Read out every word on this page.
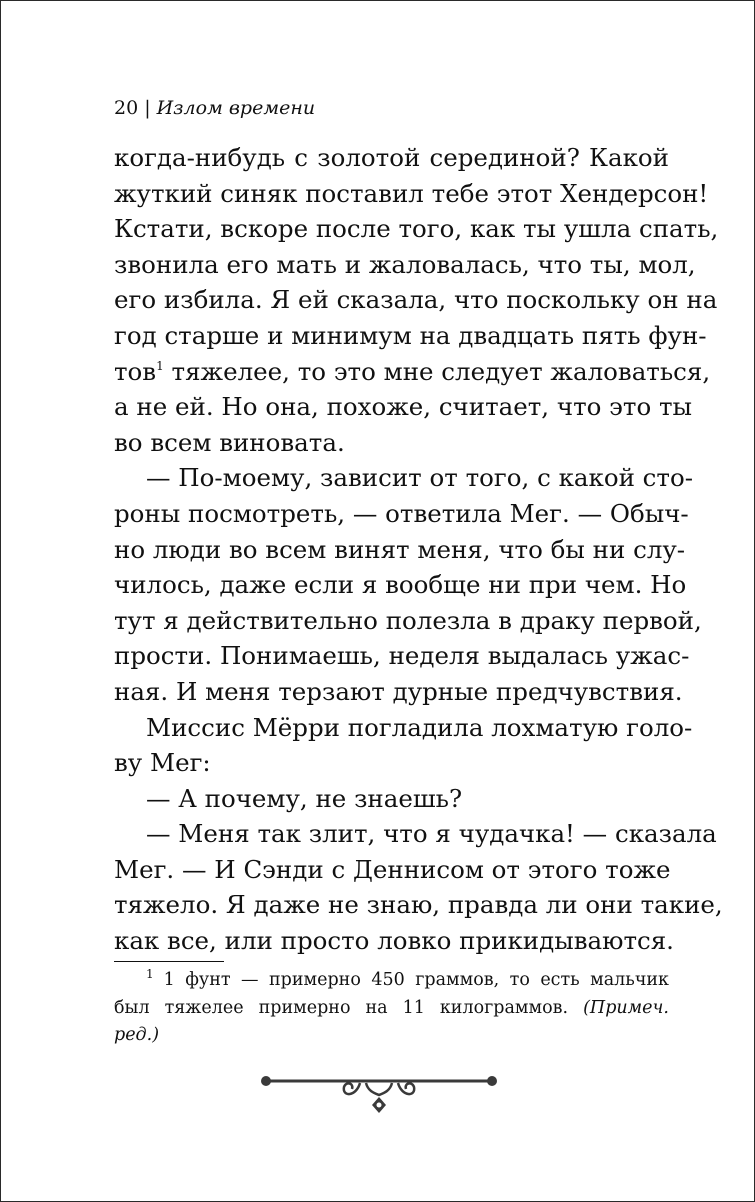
20 | Излом времени
когда-нибудь с золотой серединой? Какой
жуткий синяк поставил тебе этот Хендерсон!
Кстати, вскоре после того, как ты ушла спать,
звонила его мать и жаловалась, что ты, мол,
его избила. Я ей сказала, что поскольку он на
год старше и минимум на двадцать пять фун-
тов$^1$ тяжелее, то это мне следует жаловаться,
а не ей. Но она, похоже, считает, что это ты
во всем виновата.
— По-моему, зависит от того, с какой сто-
роны посмотреть, — ответила Мег. — Обыч-
но люди во всем винят меня, что бы ни слу-
чилось, даже если я вообще ни при чем. Но
тут я действительно полезла в драку первой,
прости. Понимаешь, неделя выдалась ужас-
ная. И меня терзают дурные предчувствия.
Миссис Мёрри погладила лохматую голо-
ву Мег:
— А почему, не знаешь?
— Меня так злит, что я чудачка! — сказала
Мег. — И Сэнди с Деннисом от этого тоже
тяжело. Я даже не знаю, правда ли они такие,
как все, или просто ловко прикидываются.
$^1$ 1 фунт — примерно 450 граммов, то есть мальчик
был тяжелее примерно на 11 килограммов. (Примеч.
ред.)
